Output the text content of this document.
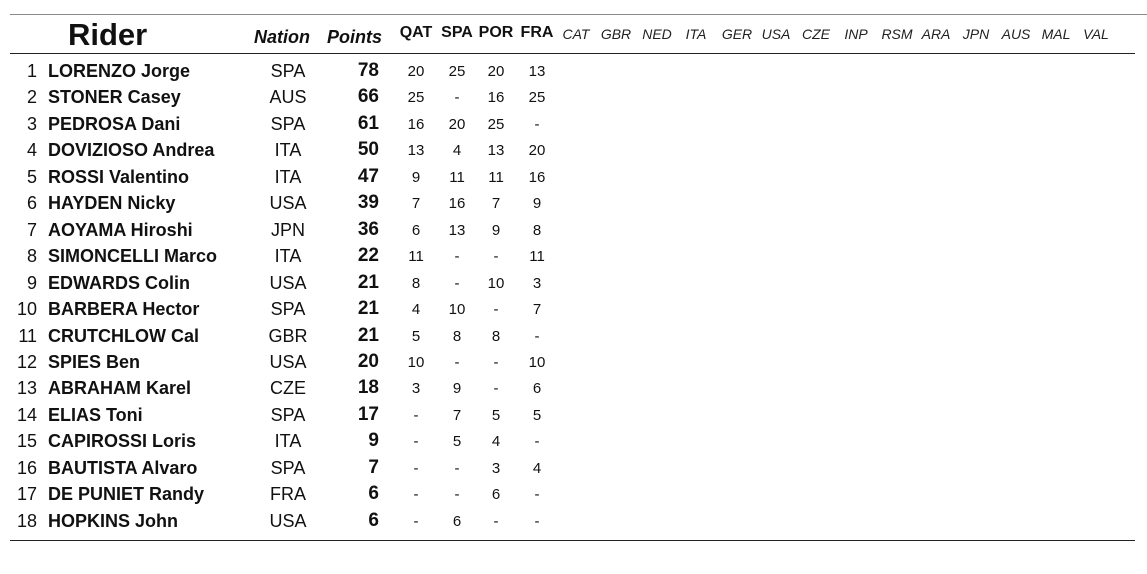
Rider	Nation Points QAT SPA POR FRA CAT GBR NED ITA GER USA CZE INP RSM ARA JPN AUS MAL VAL
1 LORENZO Jorge	SPA	78 20 25 20 13
2 STONER Casey	AUS	66 25 - 16 25
3 PEDROSA Dani	SPA	61 16 20 25 -
4 DOVIZIOSO Andrea	ITA	50 13 4 13 20
5 ROSSI Valentino	ITA	47 9 11 11 16
6 HAYDEN Nicky	USA	39 7 16 7 9
7 AOYAMA Hiroshi	JPN	36 6 13 9 8
8 SIMONCELLI Marco	ITA	22 11 - - 11
9 EDWARDS Colin	USA	21 8 - 10 3
10 BARBERA Hector	SPA	21 4 10 - 7
11 CRUTCHLOW Cal	GBR	21 5 8 8 -
12 SPIES Ben	USA	20 10 - - 10
13 ABRAHAM Karel	CZE	18 3 9 - 6
14 ELIAS Toni	SPA	17 - 7 5 5
15 CAPIROSSI Loris	ITA	9 - 5 4 -
16 BAUTISTA Alvaro	SPA	7 - - 3 4
17 DE PUNIET Randy	FRA	6 - - 6 -
18 HOPKINS John	USA	6 - 6 - -
